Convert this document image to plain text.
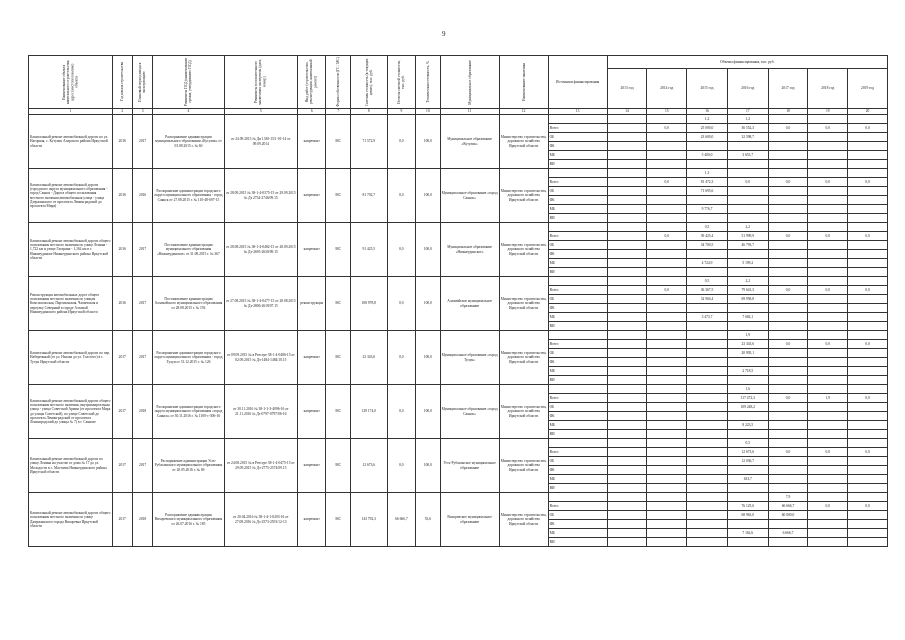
9
Наименование объекта капитального строительства, адрес (местоположение) объекта	Год начала строительства	Плановый период ввода в эксплуатацию	Реквизиты ПСД (наименование органа, утвердившего ПСД)	Реквизиты положительного заключения экспертизы (дата, номер)	Вид работ (строительство, реконструкция, капитальный ремонт)	Форма собственности (ГС / МС)	Сметная стоимость (в текущих ценах), тыс. руб.	Остаток сметной стоимости, тыс. руб.	Техническая готовность, %	Муниципальное образование	Наименование заказчика	Источники финансирования	Объемы финансирования, тыс. руб.						
													2013 год	2014 год	2015 год	2016 год	2017 год	2018 год	2019 год
1	2	3	4	5	6	7	8	9	10	11	12	13	14	15	16	17	18	19	20
Капитальный ремонт автомобильной дороги по ул. Нагорная, с. Кутулик Аларского района Иркутской области	2016	2017	Распоряжение администрации муниципального образования «Кутулик» от 03.08.2015 г. № 60	от 24.09.2015 № Ди 1330-15/1-01-14 от 09.09.2014	капремонт	МС	71 572,9	0,0	100,0	Муниципальное образование «Кутулик»	Министерство строительства, дорожного хозяйства Иркутской области				1,2	1,2			
												Всего		0,0	25 000,0	36 552,3	0,0	0,0	0,0
												ОБ			23 600,0	32 598,7			
												ФБ							
												МБ			5 400,0	3 653,7			
												ВИ							
Капитальный ремонт автомобильной дороги (городского округа муниципального образования - город Саянск - Дорога общего пользования местного значения автомобильная улица - улица Дзержинского от проспекта Ленинградский до проспекта Мира)	2016	2016	Распоряжение администрации городского округа муниципального образования - город Саянск от 27.08.2015 г. № 110-48-697-15	от 28.09.2015 № 38-1-4-0375-15 от 29.09.2015 № Дз 2734-2746/09.15	капремонт	МС	81 702,7	0,0	100,0	Муниципальное образование «город Саянск»	Министерство строительства, дорожного хозяйства Иркутской области				1,3				
												Всего		0,0	81 472,3	0,0	0,0	0,0	0,0
												ОБ			71 695,6				
												ФБ							
												МБ			9 776,7				
												ВИ							
Капитальный ремонт автомобильной дороги общего пользования местного значения по улице Ленина - 1,722 км и улице Гагарина - 1,162 км в г. Нижнеудинске Нижнеудинского района Иркутской области	2016	2017	Постановление администрации муниципального образования «Нижнеудинское» от 31.08.2015 г. № 367	от 28.08.2015 № 38-1-4-0482-15 от 28.09.2015 № Дз-2693-2630/09.15	капремонт	МС	91 425,5	0,0	100,0	Муниципальное образование «Нижнеудинское»	Министерство строительства, дорожного хозяйства Иркутской области				0,5	2,2			
												Всего		0,0	39 425,4	51 999,9	0,0	0,0	0,0
												ОБ			34 700,5	46 793,7			
												ФБ							
												МБ			4 724,9	5 199,2			
												ВИ							
Реконструкция автомобильных дорог общего пользования местного значения по улицам Комсомольская, Партизанская, Чапаевская и переулку Северный в городе Алзамай Нижнеудинского района Иркутской области	2016	2017	Постановление администрации Алзамайского муниципального образования от 28.08.2015 г. № 192	от 27.08.2015 № 38-1-4-0477-15 от 28.08.2015 № Дз-2806-2618/07.15	реконструкция	МС	108 978,8	0,0	100,0	Алзамайское муниципальное образование	Министерство строительства, дорожного хозяйства Иркутской области				0,5	2,2			
												Всего		0,0	36 367,5	79 641,3	0,0	0,0	0,0
												ОБ			32 904,4	69 958,8			
												ФБ							
												МБ			3 473,7	7 682,1			
												ВИ							
Капитальный ремонт автомобильной дороги по пер. Набережный (от ул. Нахова до ул. Толстого) в г. Тулун Иркутской области	2017	2017	Распоряжение администрации городского округа муниципального образования - город Тулун от 31.12.2015 г. № 126	от 09.09.2015 № в Реестре 38-1-4-0486-15 от 02.09.2015 № Дз-1484-1484/10.15	капремонт	МС	23 343,6	0,0	100,0	Муниципальное образование «город Тулун»	Министерство строительства, дорожного хозяйства Иркутской области					1,9			
												Всего				23 343,6	0,0	0,0	0,0
												ОБ				20 905,1			
												ФБ							
												МБ				2 718,5			
												ВИ							
Капитальный ремонт автомобильной дороги общего пользования местного значения, внутриквартальная улица - улица Советской Армии (от проспекта Мира до улицы Советской), по улице Советской до проспекта Ленинградский от проспекта Ленинградский до улицы № 7) в г. Саянске	2017	2018	Распоряжение администрации городского округа муниципального образования «город Саянск» от 30.11.2016 г. № 1100-с-306-16	от 30.11.2016 № 38-1-1-3-4096-16 от 21.11.2016 № Дз-0797-0797/06-16	капремонт	МС	129 174,0	0,0	100,0	Муниципальное образование «город Саянск»	Министерство строительства, дорожного хозяйства Иркутской области					1,6			
												Всего				117 472,3	0,0	1,9	0,0
												ОБ				109 248,2			
												ФБ							
												МБ				8 223,5			
												ВИ							
Капитальный ремонт автомобильной дороги по улице Ленина на участке от дома № 17 до ул. Молодости в с. Мастаева Нижнеудинского района Иркутской области	2017	2017	Распоряжение администрации Усть-Рубахинского муниципального образования от 20.05.2016 г. № 69	от 24.08.2015 № в Реестре 38-1-4-0475-15 от 29.09.2015 № Дз-2775-2574/09.15	капремонт	МС	12 673,6	0,0	100,0	Усть-Рубахинское муниципальное образование	Министерство строительства, дорожного хозяйства Иркутской области					0,5			
												Всего				12 673,6	0,0	0,0	0,0
												ОБ				12 036,7			
												ФБ							
												МБ				633,7			
												ВИ							
Капитальный ремонт автомобильной дороги общего пользования местного значения по улице Джержинского города Вихоревка Иркутской области	2017	2018	Распоряжение администрации Вихоревского муниципального образования от 26.07.2016 г. № 185	от 20.04.2016 № 38-1-4-1-0203-16 от 27.08.2016 № Дз-2573-2591/12-13	капремонт	МС	143 792,3	66 666,7	53,6	Вихоревское муниципальное образование	Министерство строительства, дорожного хозяйства Иркутской области						7,9		
												Всего				76 125,6	66 666,7	0,0	0,0
												ОБ				68 963,0	60 000,0		
												ФБ							
												МБ				7 162,6	6 666,7		
												ВИ							
